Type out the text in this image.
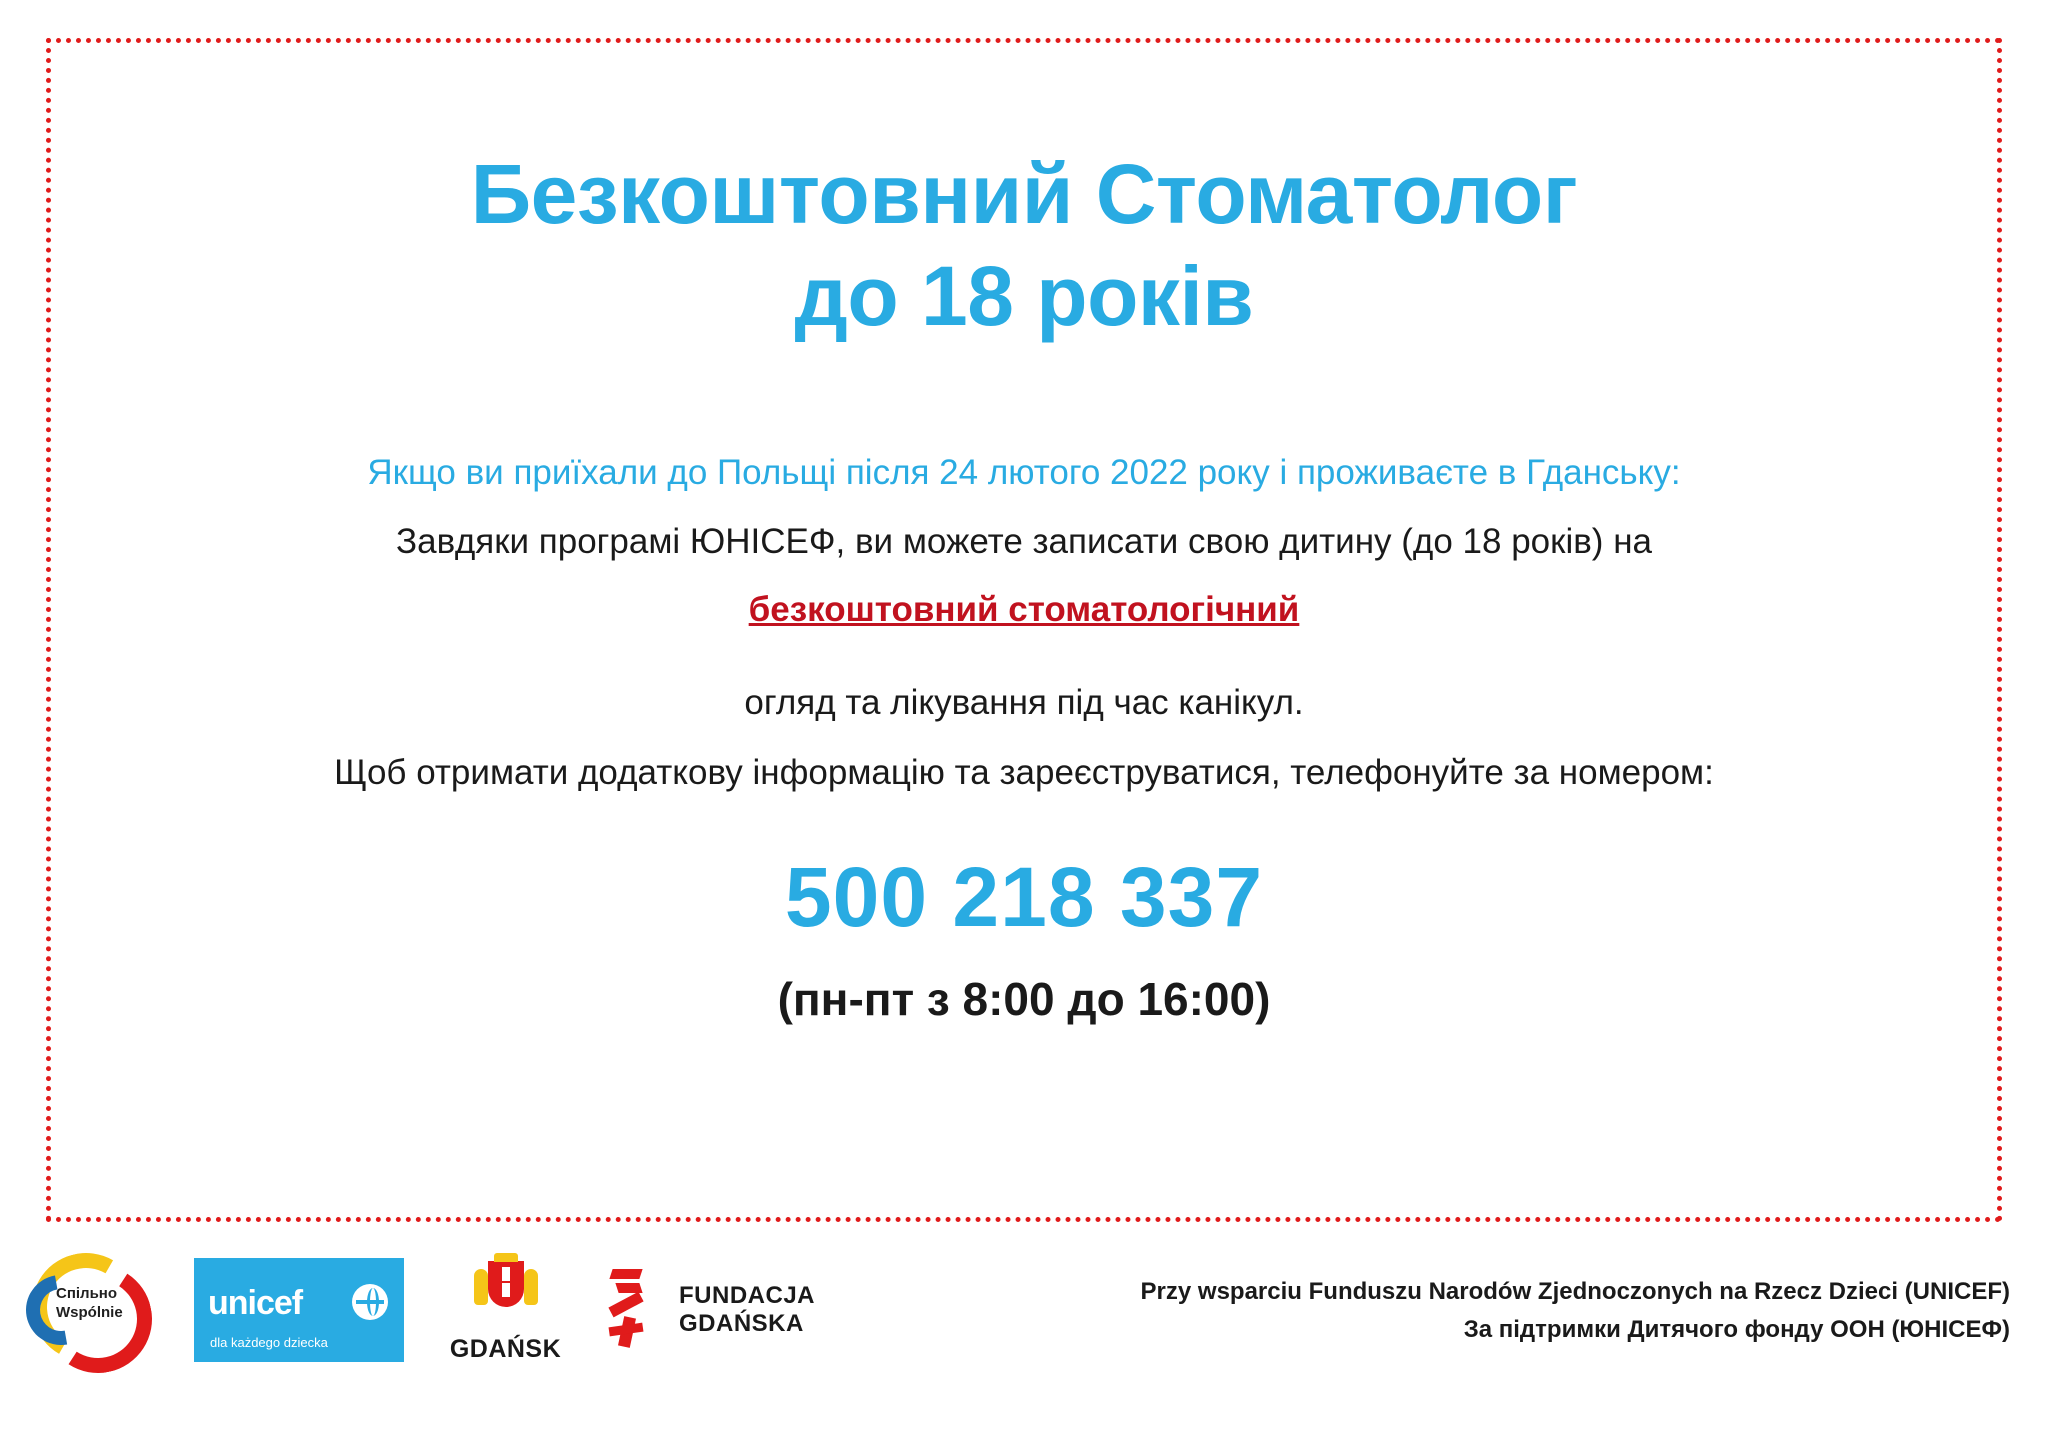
Безкоштовний Стоматолог
до 18 років
Якщо ви приїхали до Польщі після 24 лютого 2022 року і проживаєте в Гданську:
Завдяки програмі ЮНІСЕФ, ви можете записати свою дитину (до 18 років) на
безкоштовний стоматологічний
огляд та лікування під час канікул.
Щоб отримати додаткову інформацію та зареєструватися, телефонуйте за номером:
500 218 337
(пн-пт з 8:00 до 16:00)
Спільно
Wspólnie	unicef
dla każdego dziecka	GDAŃSK
FUNDACJA
GDAŃSKA
Przy wsparciu Funduszu Narodów Zjednoczonych na Rzecz Dzieci (UNICEF)
За підтримки Дитячого фонду ООН (ЮНІСЕФ)
